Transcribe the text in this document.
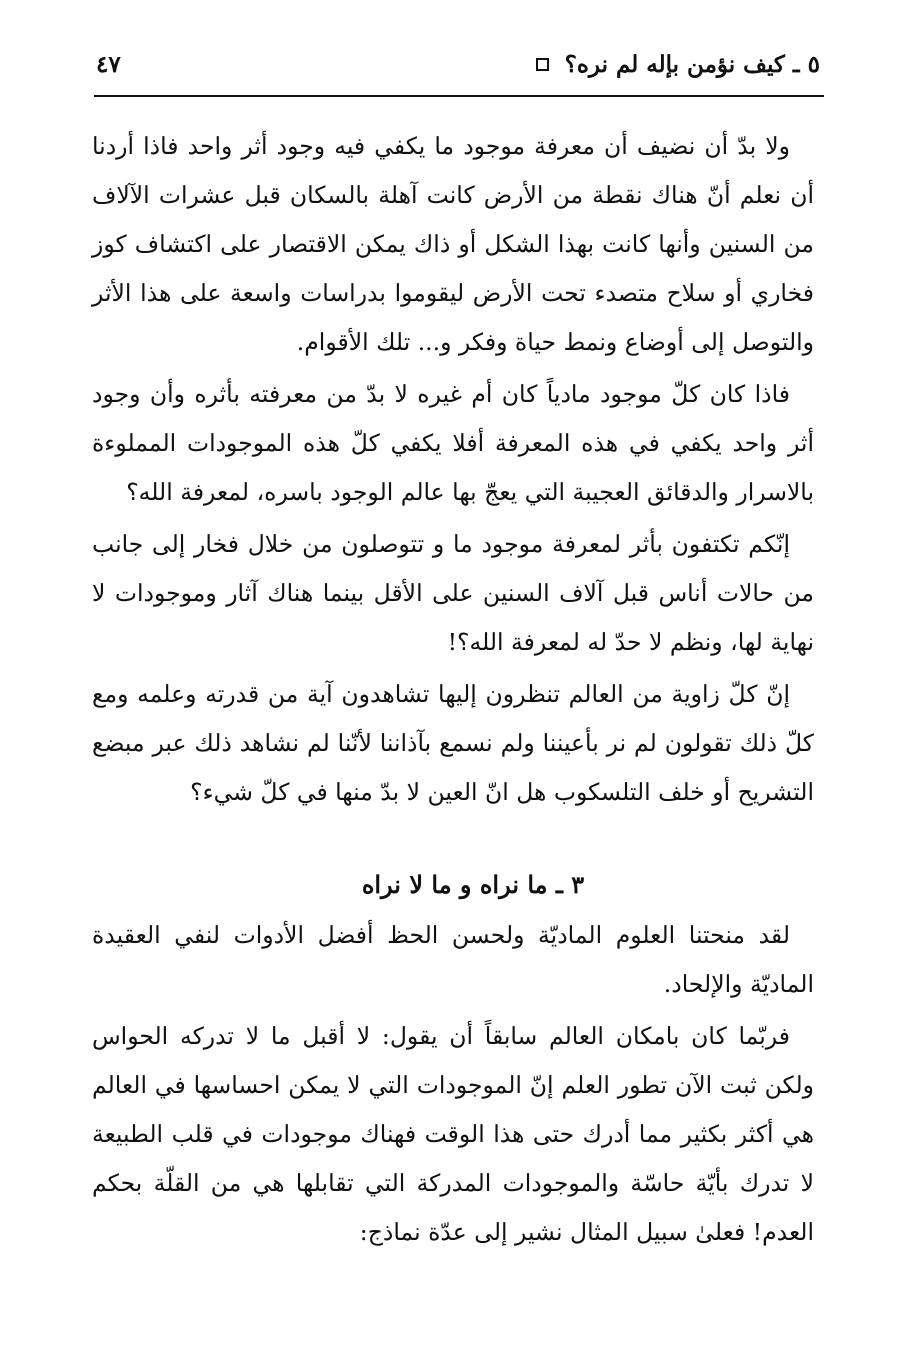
٥ ـ كيف نؤمن بإله لم نره؟
٤٧

ولا بدّ أن نضيف أن معرفة موجود ما يكفي فيه وجود أثر واحد فاذا أردنا أن نعلم أنّ هناك نقطة من الأرض كانت آهلة بالسكان قبل عشرات الآلاف من السنين وأنها كانت بهذا الشكل أو ذاك يمكن الاقتصار على اكتشاف كوز فخاري أو سلاح متصدء تحت الأرض ليقوموا بدراسات واسعة على هذا الأثر والتوصل إلى أوضاع ونمط حياة وفكر و... تلك الأقوام.

فاذا كان كلّ موجود مادياً كان أم غيره لا بدّ من معرفته بأثره وأن وجود أثر واحد يكفي في هذه المعرفة أفلا يكفي كلّ هذه الموجودات المملوءة بالاسرار والدقائق العجيبة التي يعجّ بها عالم الوجود باسره، لمعرفة الله؟

إنّكم تكتفون بأثر لمعرفة موجود ما و تتوصلون من خلال فخار إلى جانب من حالات أناس قبل آلاف السنين على الأقل بينما هناك آثار وموجودات لا نهاية لها، ونظم لا حدّ له لمعرفة الله؟!

إنّ كلّ زاوية من العالم تنظرون إليها تشاهدون آية من قدرته وعلمه ومع كلّ ذلك تقولون لم نر بأعيننا ولم نسمع بآذاننا لأنّنا لم نشاهد ذلك عبر مبضع التشريح أو خلف التلسكوب هل انّ العين لا بدّ منها في كلّ شيء؟

٣ ـ ما نراه و ما لا نراه

لقد منحتنا العلوم الماديّة ولحسن الحظ أفضل الأدوات لنفي العقيدة الماديّة والإلحاد.

فربّما كان بامكان العالم سابقاً أن يقول: لا أقبل ما لا تدركه الحواس ولكن ثبت الآن تطور العلم إنّ الموجودات التي لا يمكن احساسها في العالم هي أكثر بكثير مما أدرك حتى هذا الوقت فهناك موجودات في قلب الطبيعة لا تدرك بأيّة حاسّة والموجودات المدركة التي تقابلها هي من القلّة بحكم العدم! فعلىٰ سبيل المثال نشير إلى عدّة نماذج:
